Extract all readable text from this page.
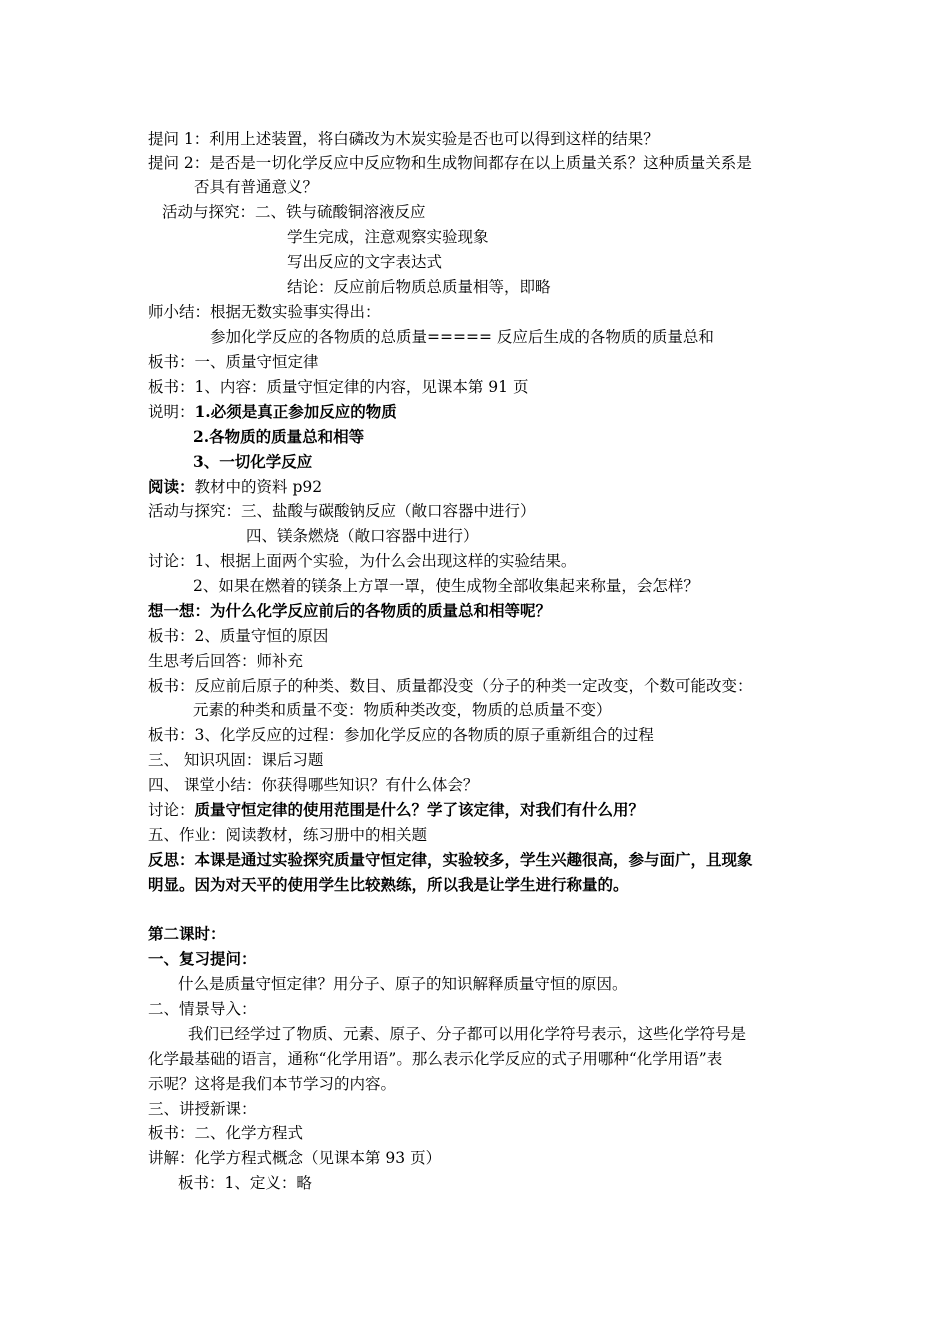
提问 1：利用上述装置，将白磷改为木炭实验是否也可以得到这样的结果？
提问 2：是否是一切化学反应中反应物和生成物间都存在以上质量关系？这种质量关系是
否具有普通意义？
活动与探究：二、铁与硫酸铜溶液反应
学生完成，注意观察实验现象
写出反应的文字表达式
结论：反应前后物质总质量相等，即略
师小结：根据无数实验事实得出：
参加化学反应的各物质的总质量===== 反应后生成的各物质的质量总和
板书：一、质量守恒定律
板书：1、内容：质量守恒定律的内容，见课本第 91 页
说明：1.必须是真正参加反应的物质
2.各物质的质量总和相等
3、一切化学反应
阅读：教材中的资料 p92
活动与探究：三、盐酸与碳酸钠反应（敞口容器中进行）
四、镁条燃烧（敞口容器中进行）
讨论：1、根据上面两个实验，为什么会出现这样的实验结果。
2、如果在燃着的镁条上方罩一罩，使生成物全部收集起来称量，会怎样？
想一想：为什么化学反应前后的各物质的质量总和相等呢？
板书：2、质量守恒的原因
生思考后回答：师补充
板书：反应前后原子的种类、数目、质量都没变（分子的种类一定改变，个数可能改变：
元素的种类和质量不变：物质种类改变，物质的总质量不变）
板书：3、化学反应的过程：参加化学反应的各物质的原子重新组合的过程
三、 知识巩固：课后习题
四、 课堂小结：你获得哪些知识？有什么体会？
讨论：质量守恒定律的使用范围是什么？学了该定律，对我们有什么用？
五、作业：阅读教材，练习册中的相关题
反思：本课是通过实验探究质量守恒定律，实验较多，学生兴趣很高，参与面广，且现象
明显。因为对天平的使用学生比较熟练，所以我是让学生进行称量的。
第二课时：
一、复习提问：
什么是质量守恒定律？用分子、原子的知识解释质量守恒的原因。
二、情景导入：
我们已经学过了物质、元素、原子、分子都可以用化学符号表示，这些化学符号是
化学最基础的语言，通称“化学用语”。那么表示化学反应的式子用哪种“化学用语”表
示呢？这将是我们本节学习的内容。
三、讲授新课：
板书：二、化学方程式
讲解：化学方程式概念（见课本第 93 页）
板书：1、定义：略
